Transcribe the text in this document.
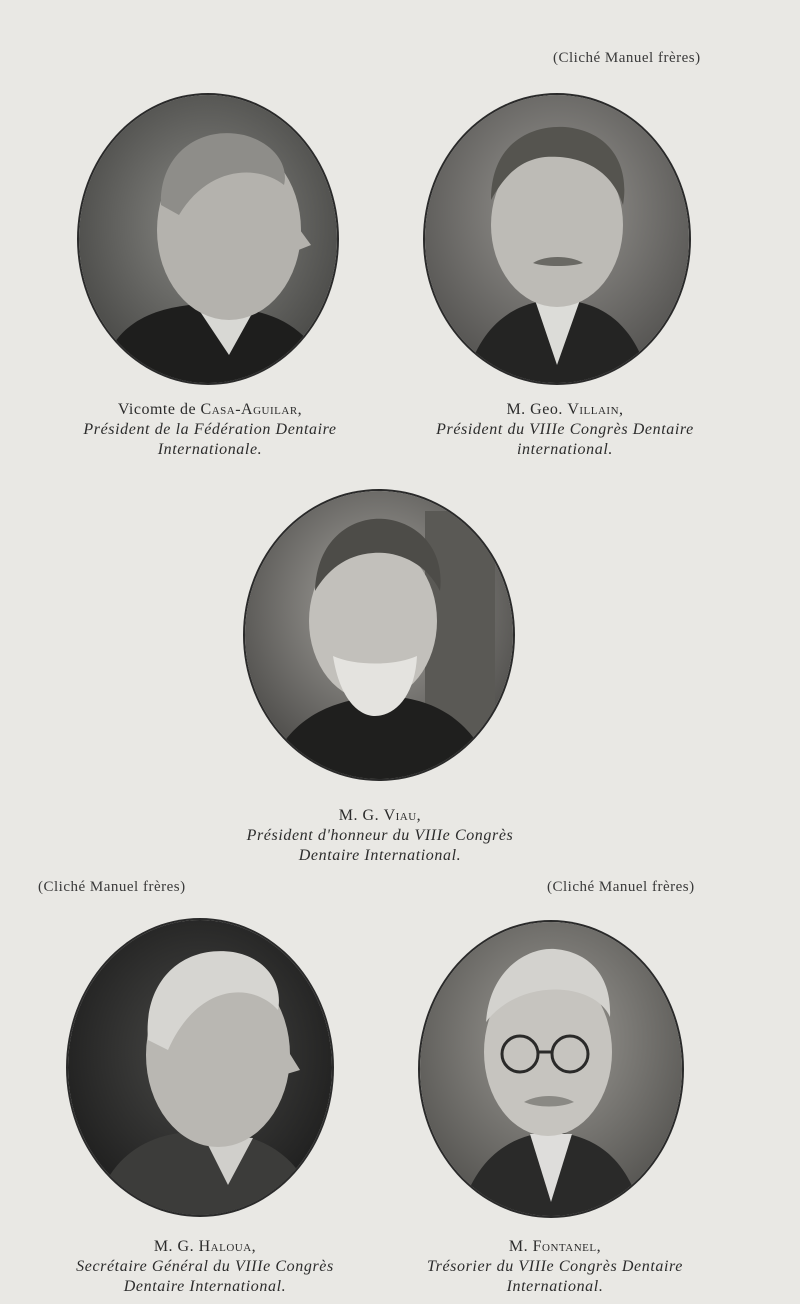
(Cliché Manuel frères)
(Cliché Manuel frères)	(Cliché Manuel frères)
Vicomte de Casa-Aguilar,
Président de la Fédération Dentaire
Internationale.
M. Geo. Villain,
Président du VIIIe Congrès Dentaire
international.
M. G. Viau,
Président d'honneur du VIIIe Congrès
Dentaire International.
M. G. Haloua,
Secrétaire Général du VIIIe Congrès
Dentaire International.
M. Fontanel,
Trésorier du VIIIe Congrès Dentaire
International.
